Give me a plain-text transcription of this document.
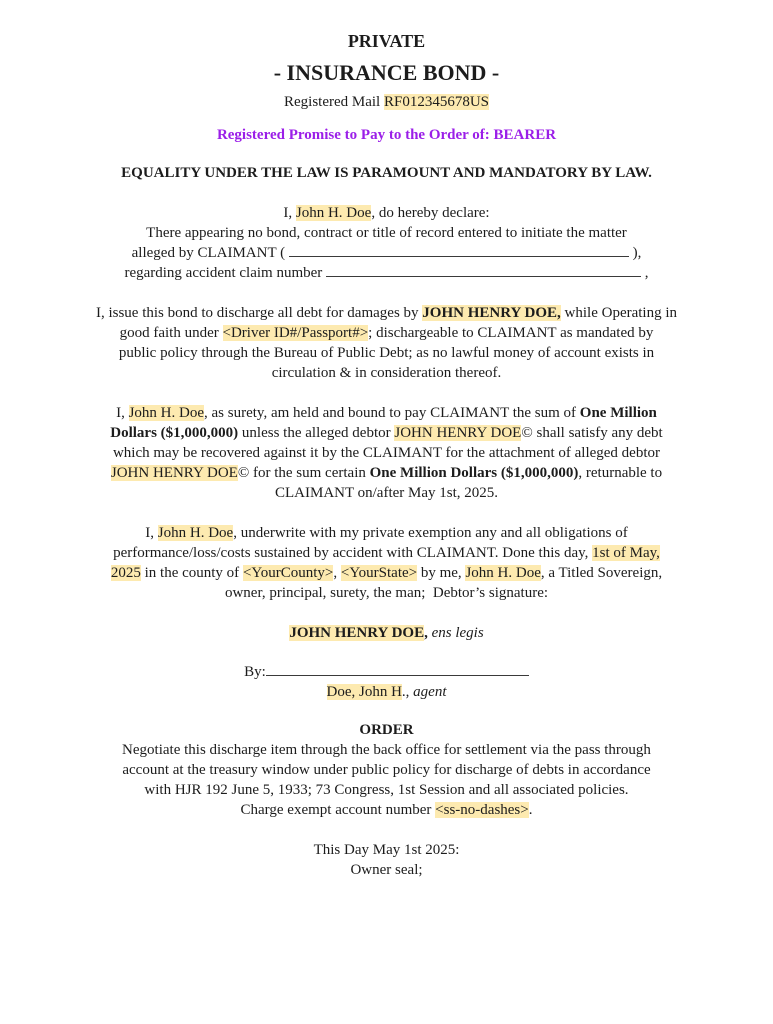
PRIVATE
- INSURANCE BOND -
Registered Mail RF012345678US
Registered Promise to Pay to the Order of: BEARER
EQUALITY UNDER THE LAW IS PARAMOUNT AND MANDATORY BY LAW.
I, John H. Doe, do hereby declare:
There appearing no bond, contract or title of record entered to initiate the matter
alleged by CLAIMANT (	),
regarding accident claim number	,
I, issue this bond to discharge all debt for damages by JOHN HENRY DOE, while Operating in
good faith under <Driver ID#/Passport#>; dischargeable to CLAIMANT as mandated by
public policy through the Bureau of Public Debt; as no lawful money of account exists in
circulation & in consideration thereof.
I, John H. Doe, as surety, am held and bound to pay CLAIMANT the sum of One Million
Dollars ($1,000,000) unless the alleged debtor JOHN HENRY DOE© shall satisfy any debt
which may be recovered against it by the CLAIMANT for the attachment of alleged debtor
JOHN HENRY DOE© for the sum certain One Million Dollars ($1,000,000), returnable to
CLAIMANT on/after May 1st, 2025.
I, John H. Doe, underwrite with my private exemption any and all obligations of
performance/loss/costs sustained by accident with CLAIMANT. Done this day, 1st of May,
2025 in the county of <YourCounty>, <YourState> by me, John H. Doe, a Titled Sovereign,
owner, principal, surety, the man;  Debtor’s signature:
JOHN HENRY DOE, ens legis
By:
Doe, John H., agent
ORDER
Negotiate this discharge item through the back office for settlement via the pass through
account at the treasury window under public policy for discharge of debts in accordance
with HJR 192 June 5, 1933; 73 Congress, 1st Session and all associated policies.
Charge exempt account number <ss-no-dashes>.
This Day May 1st 2025:
Owner seal;
